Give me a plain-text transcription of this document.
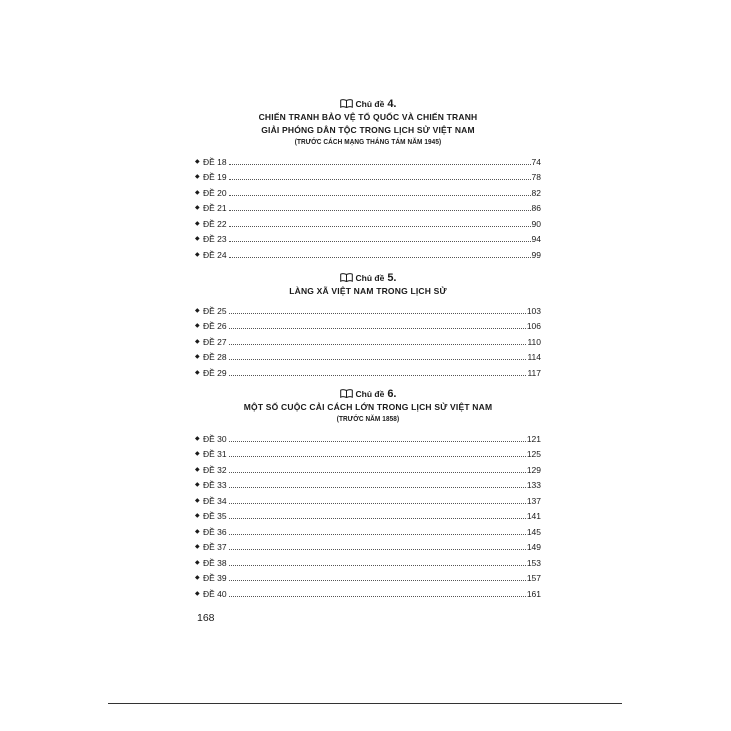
Chủ đề 4.
CHIẾN TRANH BẢO VỆ TỔ QUỐC VÀ CHIẾN TRANH
GIẢI PHÓNG DÂN TỘC TRONG LỊCH SỬ VIỆT NAM
(TRƯỚC CÁCH MẠNG THÁNG TÁM NĂM 1945)
◆ ĐỀ 18	74
◆ ĐỀ 19	78
◆ ĐỀ 20	82
◆ ĐỀ 21	86
◆ ĐỀ 22	90
◆ ĐỀ 23	94
◆ ĐỀ 24	99
Chủ đề 5.
LÀNG XÃ VIỆT NAM TRONG LỊCH SỬ
◆ ĐỀ 25	103
◆ ĐỀ 26	106
◆ ĐỀ 27	110
◆ ĐỀ 28	114
◆ ĐỀ 29	117
Chủ đề 6.
MỘT SỐ CUỘC CẢI CÁCH LỚN TRONG LỊCH SỬ VIỆT NAM
(TRƯỚC NĂM 1858)
◆ ĐỀ 30	121
◆ ĐỀ 31	125
◆ ĐỀ 32	129
◆ ĐỀ 33	133
◆ ĐỀ 34	137
◆ ĐỀ 35	141
◆ ĐỀ 36	145
◆ ĐỀ 37	149
◆ ĐỀ 38	153
◆ ĐỀ 39	157
◆ ĐỀ 40	161
168
